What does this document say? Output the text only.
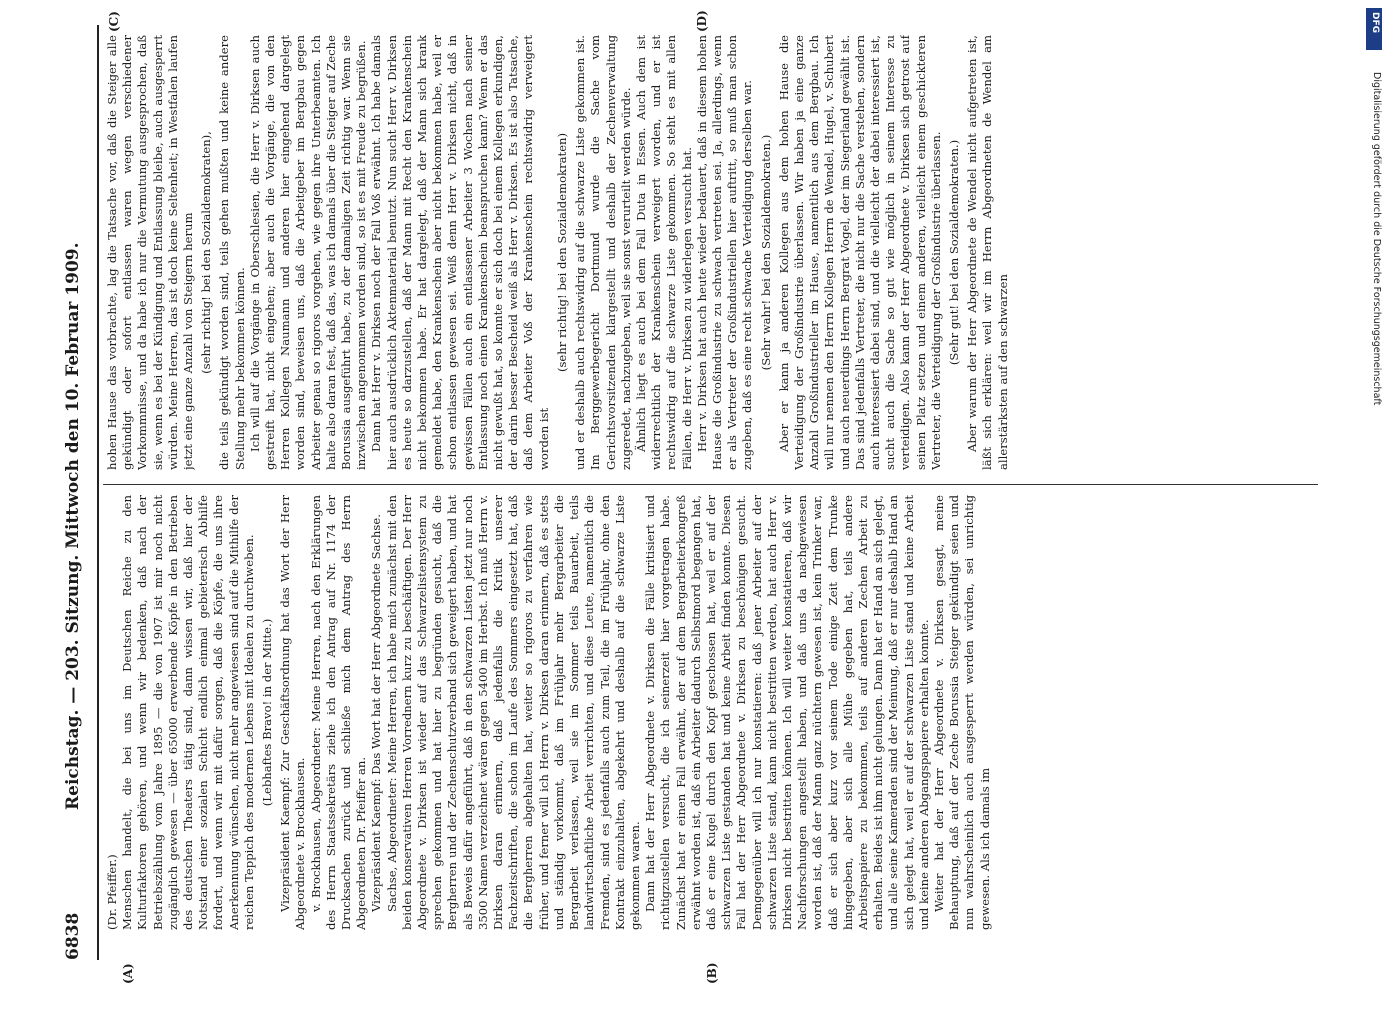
6838
Reichstag. — 203. Sitzung. Mittwoch den 10. Februar 1909.
(A)	(B)
(C)	(D)

(Dr. Pfeiffer.) Menschen handelt, die bei uns im Deutschen Reiche zu den Kulturfaktoren gehören, und wenn wir bedenken, daß nach der Betriebszählung vom Jahre 1895 — die von 1907 ist mir noch nicht zugänglich gewesen — über 65000 erwerbende Köpfe in den Betrieben des deutschen Theaters tätig sind, dann wissen wir, daß hier der Notstand einer sozialen Schicht endlich einmal gebieterisch Abhilfe fordert, und wenn wir mit dafür sorgen, daß die Köpfe, die uns ihre Anerkennung wünschen, nicht mehr angewiesen sind auf die Mithilfe der reichen Teppich des modernen Lebens mit Idealen zu durchweben. (Lebhaftes Bravo! in der Mitte.) Vizepräsident Kaempf: Zur Geschäftsordnung hat das Wort der Herr Abgeordnete v. Brockhausen. v. Brockhausen, Abgeordneter: Meine Herren, nach den Erklärungen des Herrn Staatssekretärs ziehe ich den Antrag auf Nr. 1174 der Drucksachen zurück und schließe mich dem Antrag des Herrn Abgeordneten Dr. Pfeiffer an. Vizepräsident Kaempf: Das Wort hat der Herr Abgeordnete Sachse. Sachse, Abgeordneter: Meine Herren, ich habe mich zunächst mit den beiden konservativen Herren Vorrednern kurz zu beschäftigen. Der Herr Abgeordnete v. Dirksen ist wieder auf das Schwarzelistensystem zu sprechen gekommen und hat hier zu begründen gesucht, daß die Bergherren und der Zechenschutzverband sich geweigert haben, und hat als Beweis dafür angeführt, daß in den schwarzen Listen jetzt nur noch 3500 Namen verzeichnet wären gegen 5400 im Herbst. Ich muß Herrn v. Dirksen daran erinnern, daß jedenfalls die Kritik unserer Fachzeitschriften, die schon im Laufe des Sommers eingesetzt hat, daß die Bergherren abgehalten hat, weiter so rigoros zu verfahren wie früher, und ferner will ich Herrn v. Dirksen daran erinnern, daß es stets und ständig vorkommt, daß im Frühjahr mehr Bergarbeiter die Bergarbeit verlassen, weil sie im Sommer teils Bauarbeit, teils landwirtschaftliche Arbeit verrichten, und diese Leute, namentlich die Fremden, sind es jedenfalls auch zum Teil, die im Frühjahr, ohne den Kontrakt einzuhalten, abgekehrt und deshalb auf die schwarze Liste gekommen waren. Dann hat der Herr Abgeordnete v. Dirksen die Fälle kritisiert und richtigzustellen versucht, die ich seinerzeit hier vorgetragen habe. Zunächst hat er einen Fall erwähnt, der auf dem Bergarbeiterkongreß erwähnt worden ist, daß ein Arbeiter dadurch Selbstmord begangen hat, daß er eine Kugel durch den Kopf geschossen hat, weil er auf der schwarzen Liste gestanden hat und keine Arbeit finden konnte. Diesen Fall hat der Herr Abgeordnete v. Dirksen zu beschönigen gesucht. Demgegenüber will ich nur konstatieren: daß jener Arbeiter auf der schwarzen Liste stand, kann nicht bestritten werden, hat auch Herr v. Dirksen nicht bestritten können. Ich will weiter konstatieren, daß wir Nachforschungen angestellt haben, und daß uns da nachgewiesen worden ist, daß der Mann ganz nüchtern gewesen ist, kein Trinker war, daß er sich aber kurz vor seinem Tode einige Zeit dem Trunke hingegeben, aber sich alle Mühe gegeben hat, teils andere Arbeitspapiere zu bekommen, teils auf anderen Zechen Arbeit zu erhalten. Beides ist ihm nicht gelungen. Dann hat er Hand an sich gelegt, und alle seine Kameraden sind der Meinung, daß er nur deshalb Hand an sich gelegt hat, weil er auf der schwarzen Liste stand und keine Arbeit und keine anderen Abgangspapiere erhalten konnte. Weiter hat der Herr Abgeordnete v. Dirksen gesagt, meine Behauptung, daß auf der Zeche Borussia Steiger gekündigt seien und nun wahrscheinlich auch ausgesperrt werden würden, sei unrichtig gewesen. Als ich damals im

hohen Hause das vorbrachte, lag die Tatsache vor, daß die Steiger alle gekündigt oder sofort entlassen waren wegen verschiedener Vorkommnisse, und da habe ich nur die Vermutung ausgesprochen, daß sie, wenn es bei der Kündigung und Entlassung bleibe, auch ausgesperrt würden. Meine Herren, das ist doch keine Seltenheit; in Westfalen laufen jetzt eine ganze Anzahl von Steigern herum (sehr richtig! bei den Sozialdemokraten), die teils gekündigt worden sind, teils gehen mußten und keine andere Stellung mehr bekommen können. Ich will auf die Vorgänge in Oberschlesien, die Herr v. Dirksen auch gestreift hat, nicht eingehen; aber auch die Vorgänge, die von den Herren Kollegen Naumann und anderen hier eingehend dargelegt worden sind, beweisen uns, daß die Arbeitgeber im Bergbau gegen Arbeiter genau so rigoros vorgehen, wie gegen ihre Unterbeamten. Ich halte also daran fest, daß das, was ich damals über die Steiger auf Zeche Borussia ausgeführt habe, zu der damaligen Zeit richtig war. Wenn sie inzwischen angenommen worden sind, so ist es mit Freude zu begrüßen. Dann hat Herr v. Dirksen noch der Fall Voß erwähnt. Ich habe damals hier auch ausdrücklich Aktenmaterial benutzt. Nun sucht Herr v. Dirksen es heute so darzustellen, daß der Mann mit Recht den Krankenschein nicht bekommen habe. Er hat dargelegt, daß der Mann sich krank gemeldet habe, den Krankenschein aber nicht bekommen habe, weil er schon entlassen gewesen sei. Weiß denn Herr v. Dirksen nicht, daß in gewissen Fällen auch ein entlassener Arbeiter 3 Wochen nach seiner Entlassung noch einen Krankenschein beanspruchen kann? Wenn er das nicht gewußt hat, so konnte er sich doch bei einem Kollegen erkundigen, der darin besser Bescheid weiß als Herr v. Dirksen. Es ist also Tatsache, daß dem Arbeiter Voß der Krankenschein rechtswidrig verweigert worden ist

(sehr richtig! bei den Sozialdemokraten) und er deshalb auch rechtswidrig auf die schwarze Liste gekommen ist. Im Berggewerbegericht Dortmund wurde die Sache vom Gerichtsvorsitzenden klargestellt und deshalb der Zechenverwaltung zugeredet, nachzugeben, weil sie sonst verurteilt werden würde. Ähnlich liegt es auch bei dem Fall Duta in Essen. Auch dem ist widerrechtlich der Krankenschein verweigert worden, und er ist rechtswidrig auf die schwarze Liste gekommen. So steht es mit allen Fällen, die Herr v. Dirksen zu widerlegen versucht hat. Herr v. Dirksen hat auch heute wieder bedauert, daß in diesem hohen Hause die Großindustrie zu schwach vertreten sei. Ja, allerdings, wenn er als Vertreter der Großindustriellen hier auftritt, so muß man schon zugeben, daß es eine recht schwache Verteidigung derselben war. (Sehr wahr! bei den Sozialdemokraten.) Aber er kann ja anderen Kollegen aus dem hohen Hause die Verteidigung der Großindustrie überlassen. Wir haben ja eine ganze Anzahl Großindustrieller im Hause, namentlich aus dem Bergbau. Ich will nur nennen den Herrn Kollegen Herrn de Wendel, Hugel, v. Schubert und auch neuerdings Herrn Bergrat Vogel, der im Siegerland gewählt ist. Das sind jedenfalls Vertreter, die nicht nur die Sache verstehen, sondern auch interessiert dabei sind, und die vielleicht der dabei interessiert ist, sucht auch die Sache so gut wie möglich in seinem Interesse zu verteidigen. Also kann der Herr Abgeordnete v. Dirksen sich getrost auf seinen Platz setzen und einem anderen, vielleicht einem geschickteren Vertreter, die Verteidigung der Großindustrie überlassen. (Sehr gut! bei den Sozialdemokraten.) Aber warum der Herr Abgeordnete de Wendel nicht aufgetreten ist, läßt sich erklären: weil wir im Herrn Abgeordneten de Wendel am allerstärksten auf den schwarzen

DFG
Digitalisierung gefördert durch die Deutsche Forschungsgemeinschaft
